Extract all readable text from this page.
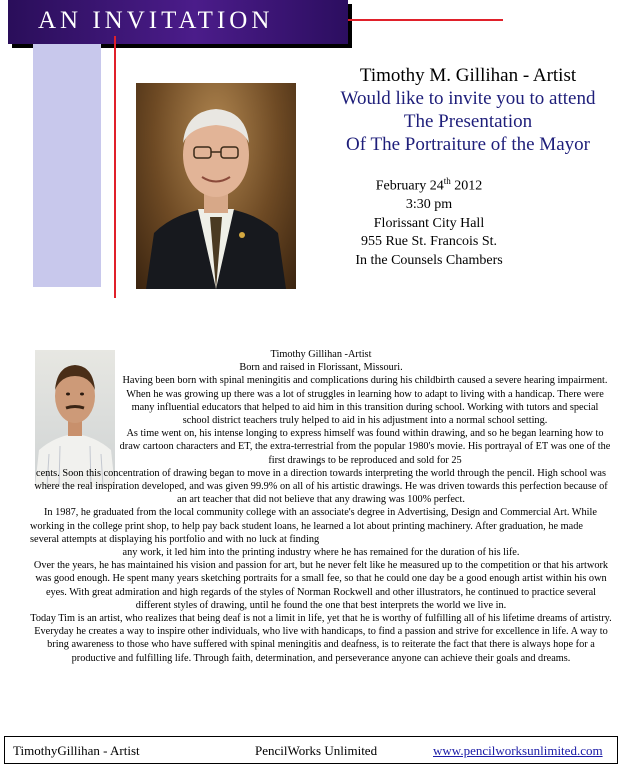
AN INVITATION
Timothy M. Gillihan - Artist
Would like to invite you to attend
The Presentation
Of The Portraiture of the Mayor
February 24th 2012
3:30 pm
Florissant City Hall
955 Rue St. Francois St.
In the Counsels Chambers

Timothy Gillihan -Artist

Born and raised in Florissant, Missouri.

Having been born with spinal meningitis and complications during his childbirth caused a severe hearing impairment. When he was growing up there was a lot of struggles in learning how to adapt to living with a handicap. There were many influential educators that helped to aid him in this transition during school. Working with tutors and special school district teachers truly helped to aid in his adjustment into a normal school setting.

As time went on, his intense longing to express himself was found within drawing, and so he began learning how to draw cartoon characters and ET, the extra-terrestrial from the popular 1980's movie. His portrayal of ET was one of the first drawings to be reproduced and sold for 25

cents. Soon this concentration of drawing began to move in a direction towards interpreting the world through the pencil. High school was where the real inspiration developed, and was given 99.9% on all of his artistic drawings. He was driven towards this perfection because of an art teacher that did not believe that any drawing was 100% perfect.

In 1987, he graduated from the local community college with an associate's degree in Advertising, Design and Commercial Art. While working in the college print shop, to help pay back student loans, he learned a lot about printing machinery. After graduation, he made several attempts at displaying his portfolio and with no luck at finding

any work, it led him into the printing industry where he has remained for the duration of his life.

Over the years, he has maintained his vision and passion for art, but he never felt like he measured up to the competition or that his artwork was good enough. He spent many years sketching portraits for a small fee, so that he could one day be a good enough artist within his own eyes. With great admiration and high regards of the styles of Norman Rockwell and other illustrators, he continued to practice several different styles of drawing, until he found the one that best interprets the world we live in.

Today Tim is an artist, who realizes that being deaf is not a limit in life, yet that he is worthy of fulfilling all of his lifetime dreams of artistry. Everyday he creates a way to inspire other individuals, who live with handicaps, to find a passion and strive for excellence in life. A way to bring awareness to those who have suffered with spinal meningitis and deafness, is to reiterate the fact that there is always hope for a productive and fulfilling life. Through faith, determination, and perseverance anyone can achieve their goals and dreams.

TimothyGillihan - Artist	PencilWorks Unlimited	www.pencilworksunlimited.com
